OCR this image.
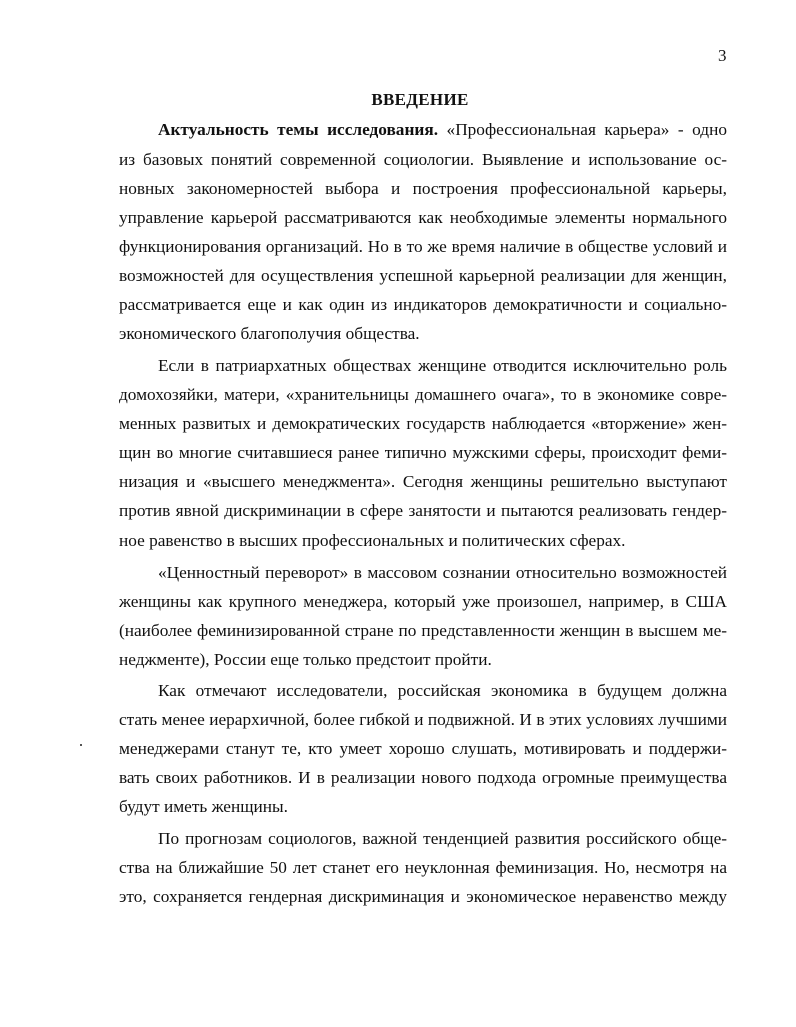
3
ВВЕДЕНИЕ
Актуальность темы исследования. «Профессиональная карьера» - одно
из базовых понятий современной социологии. Выявление и использование ос-
новных закономерностей выбора и построения профессиональной карьеры,
управление карьерой рассматриваются как необходимые элементы нормального
функционирования организаций. Но в то же время наличие в обществе условий и
возможностей для осуществления успешной карьерной реализации для женщин,
рассматривается еще и как один из индикаторов демократичности и социально-
экономического благополучия общества.
Если в патриархатных обществах женщине отводится исключительно роль
домохозяйки, матери, «хранительницы домашнего очага», то в экономике совре-
менных развитых и демократических государств наблюдается «вторжение» жен-
щин во многие считавшиеся ранее типично мужскими сферы, происходит феми-
низация и «высшего менеджмента». Сегодня женщины решительно выступают
против явной дискриминации в сфере занятости и пытаются реализовать гендер-
ное равенство в высших профессиональных и политических сферах.
«Ценностный переворот» в массовом сознании относительно возможностей
женщины как крупного менеджера, который уже произошел, например, в США
(наиболее феминизированной стране по представленности женщин в высшем ме-
неджменте), России еще только предстоит пройти.
Как отмечают исследователи, российская экономика в будущем должна
стать менее иерархичной, более гибкой и подвижной. И в этих условиях лучшими
менеджерами станут те, кто умеет хорошо слушать, мотивировать и поддержи-
вать своих работников. И в реализации нового подхода огромные преимущества
будут иметь женщины.
По прогнозам социологов, важной тенденцией развития российского обще-
ства на ближайшие 50 лет станет его неуклонная феминизация. Но, несмотря на
это, сохраняется гендерная дискриминация и экономическое неравенство между
